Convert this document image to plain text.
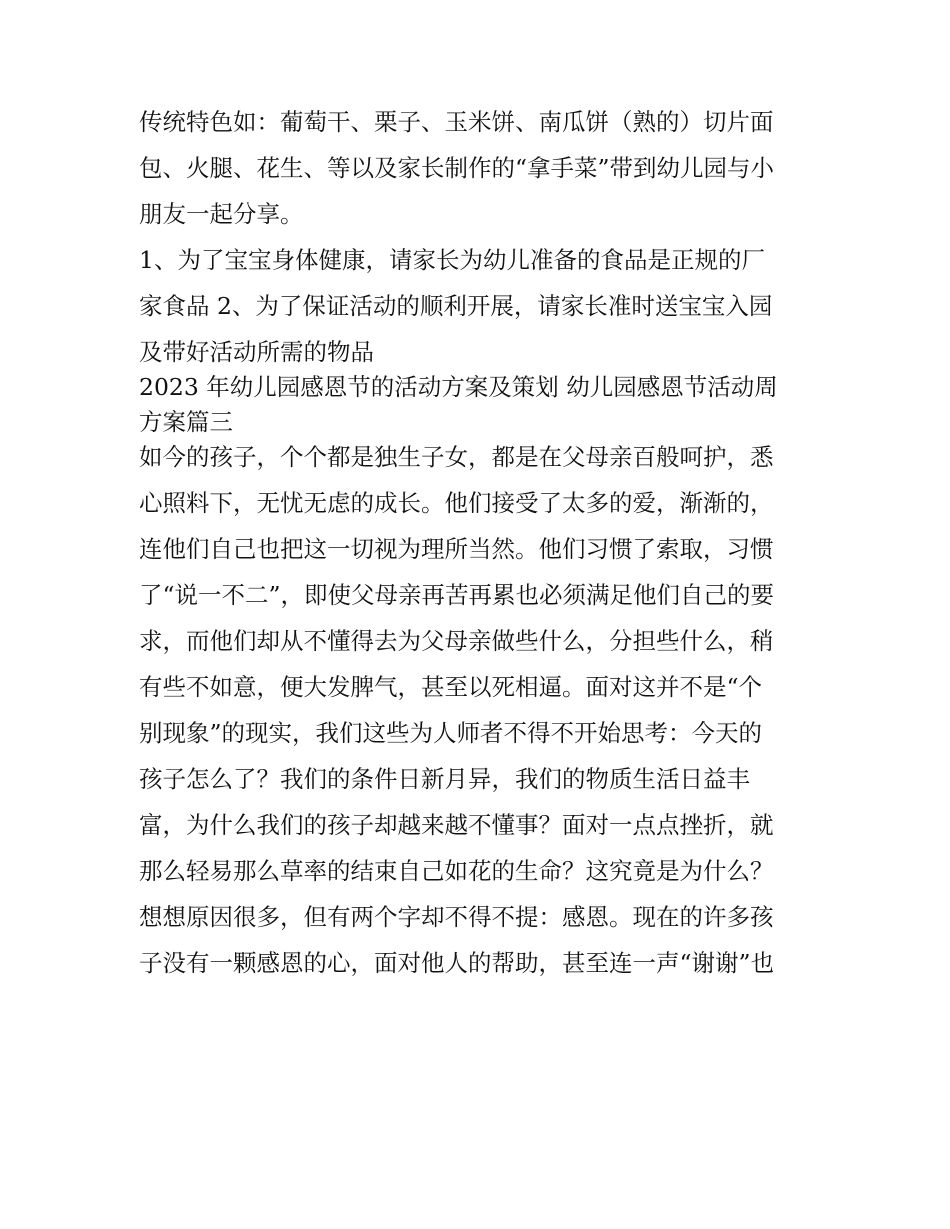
传统特色如：葡萄干、栗子、玉米饼、南瓜饼（熟的）切片面
包、火腿、花生、等以及家长制作的“拿手菜”带到幼儿园与小
朋友一起分享。
1、为了宝宝身体健康，请家长为幼儿准备的食品是正规的厂
家食品 2、为了保证活动的顺利开展，请家长准时送宝宝入园
及带好活动所需的物品
2023 年幼儿园感恩节的活动方案及策划 幼儿园感恩节活动周
方案篇三
如今的孩子，个个都是独生子女，都是在父母亲百般呵护，悉
心照料下，无忧无虑的成长。他们接受了太多的爱，渐渐的，
连他们自己也把这一切视为理所当然。他们习惯了索取，习惯
了“说一不二”，即使父母亲再苦再累也必须满足他们自己的要
求，而他们却从不懂得去为父母亲做些什么，分担些什么，稍
有些不如意，便大发脾气，甚至以死相逼。面对这并不是“个
别现象”的现实，我们这些为人师者不得不开始思考：今天的
孩子怎么了？我们的条件日新月异，我们的物质生活日益丰
富，为什么我们的孩子却越来越不懂事？面对一点点挫折，就
那么轻易那么草率的结束自己如花的生命？这究竟是为什么？
想想原因很多，但有两个字却不得不提：感恩。现在的许多孩
子没有一颗感恩的心，面对他人的帮助，甚至连一声“谢谢”也
